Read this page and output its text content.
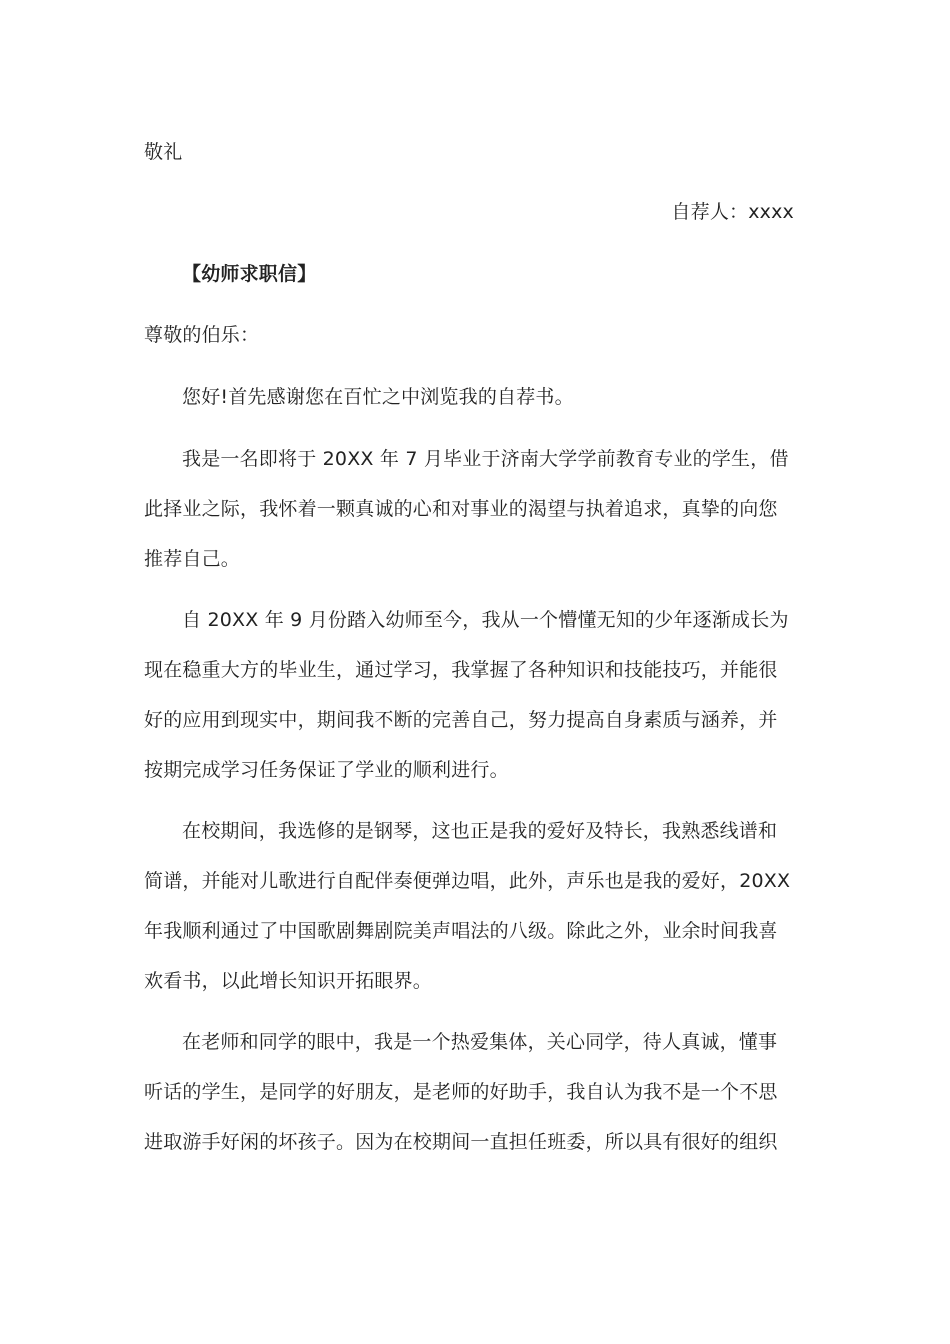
敬礼
自荐人：xxxx
【幼师求职信】
尊敬的伯乐：
您好!首先感谢您在百忙之中浏览我的自荐书。
我是一名即将于 20XX 年 7 月毕业于济南大学学前教育专业的学生，借
此择业之际，我怀着一颗真诚的心和对事业的渴望与执着追求，真挚的向您
推荐自己。
自 20XX 年 9 月份踏入幼师至今，我从一个懵懂无知的少年逐渐成长为
现在稳重大方的毕业生，通过学习，我掌握了各种知识和技能技巧，并能很
好的应用到现实中，期间我不断的完善自己，努力提高自身素质与涵养，并
按期完成学习任务保证了学业的顺利进行。
在校期间，我选修的是钢琴，这也正是我的爱好及特长，我熟悉线谱和
简谱，并能对儿歌进行自配伴奏便弹边唱，此外，声乐也是我的爱好，20XX
年我顺利通过了中国歌剧舞剧院美声唱法的八级。除此之外，业余时间我喜
欢看书，以此增长知识开拓眼界。
在老师和同学的眼中，我是一个热爱集体，关心同学，待人真诚，懂事
听话的学生，是同学的好朋友，是老师的好助手，我自认为我不是一个不思
进取游手好闲的坏孩子。因为在校期间一直担任班委，所以具有很好的组织
